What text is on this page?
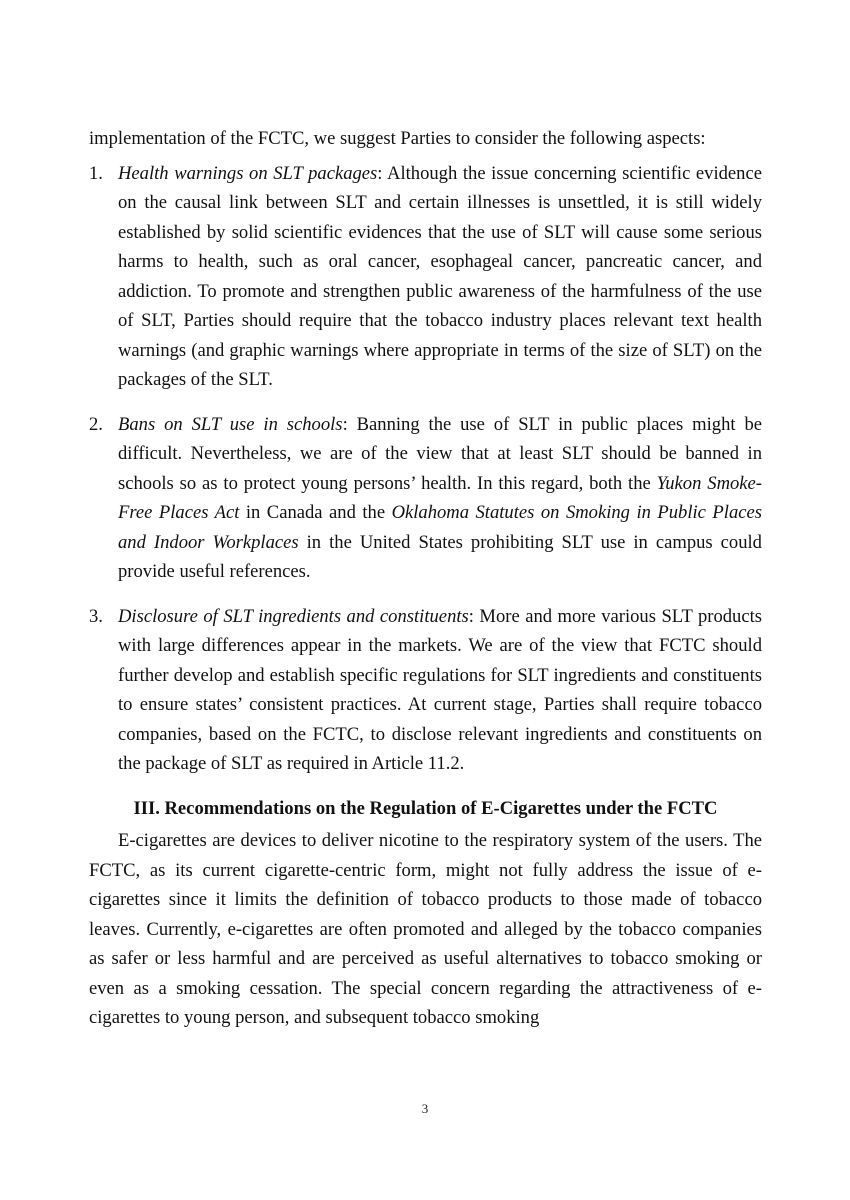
implementation of the FCTC, we suggest Parties to consider the following aspects:

1. Health warnings on SLT packages: Although the issue concerning scientific evidence on the causal link between SLT and certain illnesses is unsettled, it is still widely established by solid scientific evidences that the use of SLT will cause some serious harms to health, such as oral cancer, esophageal cancer, pancreatic cancer, and addiction. To promote and strengthen public awareness of the harmfulness of the use of SLT, Parties should require that the tobacco industry places relevant text health warnings (and graphic warnings where appropriate in terms of the size of SLT) on the packages of the SLT.
2. Bans on SLT use in schools: Banning the use of SLT in public places might be difficult. Nevertheless, we are of the view that at least SLT should be banned in schools so as to protect young persons’ health. In this regard, both the Yukon Smoke-Free Places Act in Canada and the Oklahoma Statutes on Smoking in Public Places and Indoor Workplaces in the United States prohibiting SLT use in campus could provide useful references.
3. Disclosure of SLT ingredients and constituents: More and more various SLT products with large differences appear in the markets. We are of the view that FCTC should further develop and establish specific regulations for SLT ingredients and constituents to ensure states’ consistent practices. At current stage, Parties shall require tobacco companies, based on the FCTC, to disclose relevant ingredients and constituents on the package of SLT as required in Article 11.2.

III. Recommendations on the Regulation of E-Cigarettes under the FCTC

E-cigarettes are devices to deliver nicotine to the respiratory system of the users. The FCTC, as its current cigarette-centric form, might not fully address the issue of e-cigarettes since it limits the definition of tobacco products to those made of tobacco leaves. Currently, e-cigarettes are often promoted and alleged by the tobacco companies as safer or less harmful and are perceived as useful alternatives to tobacco smoking or even as a smoking cessation. The special concern regarding the attractiveness of e-cigarettes to young person, and subsequent tobacco smoking

3
